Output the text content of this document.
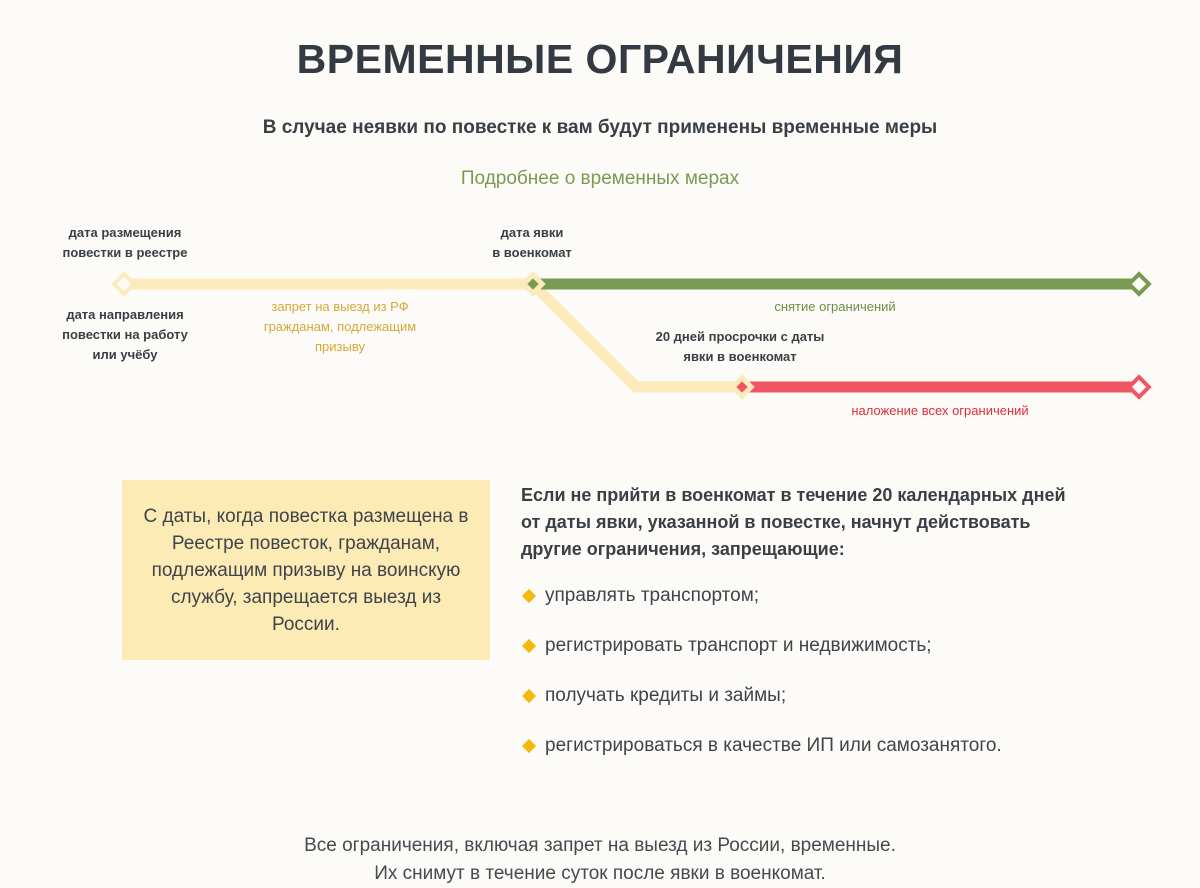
ВРЕМЕННЫЕ ОГРАНИЧЕНИЯ
В случае неявки по повестке к вам будут применены временные меры
Подробнее о временных мерах
дата размещения
повестки в реестре
дата направления
повестки на работу
или учёбу
запрет на выезд из РФ
гражданам, подлежащим
призыву
дата явки
в военкомат
снятие ограничений
20 дней просрочки с даты
явки в военкомат
наложение всех ограничений
С даты, когда повестка размещена в Реестре повесток, гражданам, подлежащим призыву на воинскую службу, запрещается выезд из России.
Если не прийти в военкомат в течение 20 календарных дней от даты явки, указанной в повестке, начнут действовать другие ограничения, запрещающие:
управлять транспортом;
регистрировать транспорт и недвижимость;
получать кредиты и займы;
регистрироваться в качестве ИП или самозанятого.
Все ограничения, включая запрет на выезд из России, временные.
Их снимут в течение суток после явки в военкомат.
